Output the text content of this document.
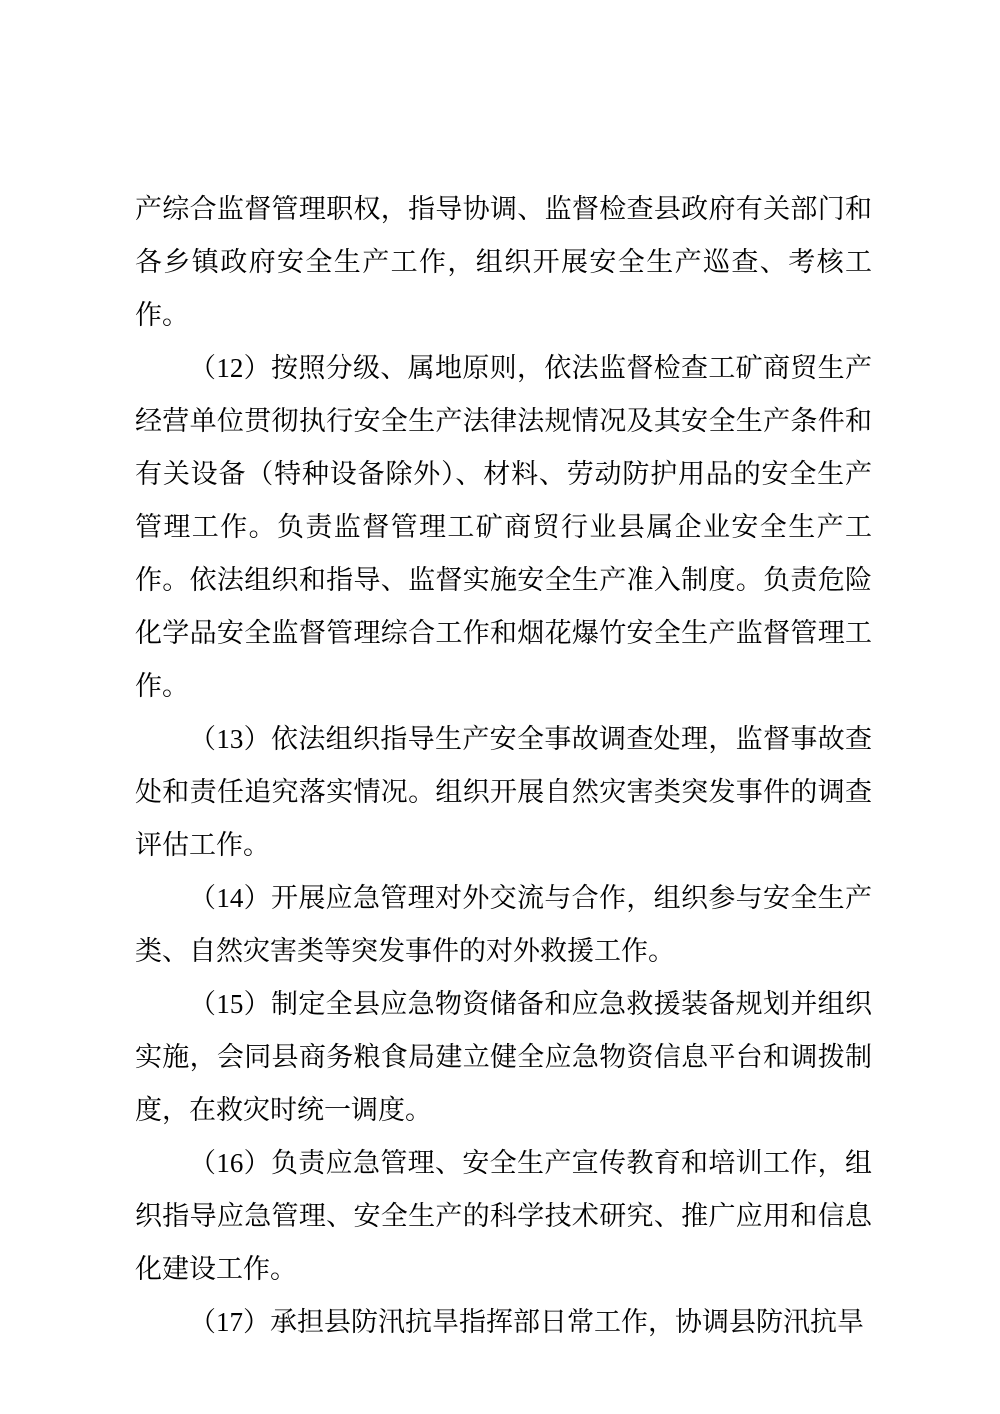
产综合监督管理职权，指导协调、监督检查县政府有关部门和各乡镇政府安全生产工作，组织开展安全生产巡查、考核工作。

（12）按照分级、属地原则，依法监督检查工矿商贸生产经营单位贯彻执行安全生产法律法规情况及其安全生产条件和有关设备（特种设备除外）、材料、劳动防护用品的安全生产管理工作。负责监督管理工矿商贸行业县属企业安全生产工作。依法组织和指导、监督实施安全生产准入制度。负责危险化学品安全监督管理综合工作和烟花爆竹安全生产监督管理工作。

（13）依法组织指导生产安全事故调查处理，监督事故查处和责任追究落实情况。组织开展自然灾害类突发事件的调查评估工作。

（14）开展应急管理对外交流与合作，组织参与安全生产类、自然灾害类等突发事件的对外救援工作。

（15）制定全县应急物资储备和应急救援装备规划并组织实施，会同县商务粮食局建立健全应急物资信息平台和调拨制度，在救灾时统一调度。

（16）负责应急管理、安全生产宣传教育和培训工作，组织指导应急管理、安全生产的科学技术研究、推广应用和信息化建设工作。

（17）承担县防汛抗旱指挥部日常工作，协调县防汛抗旱
